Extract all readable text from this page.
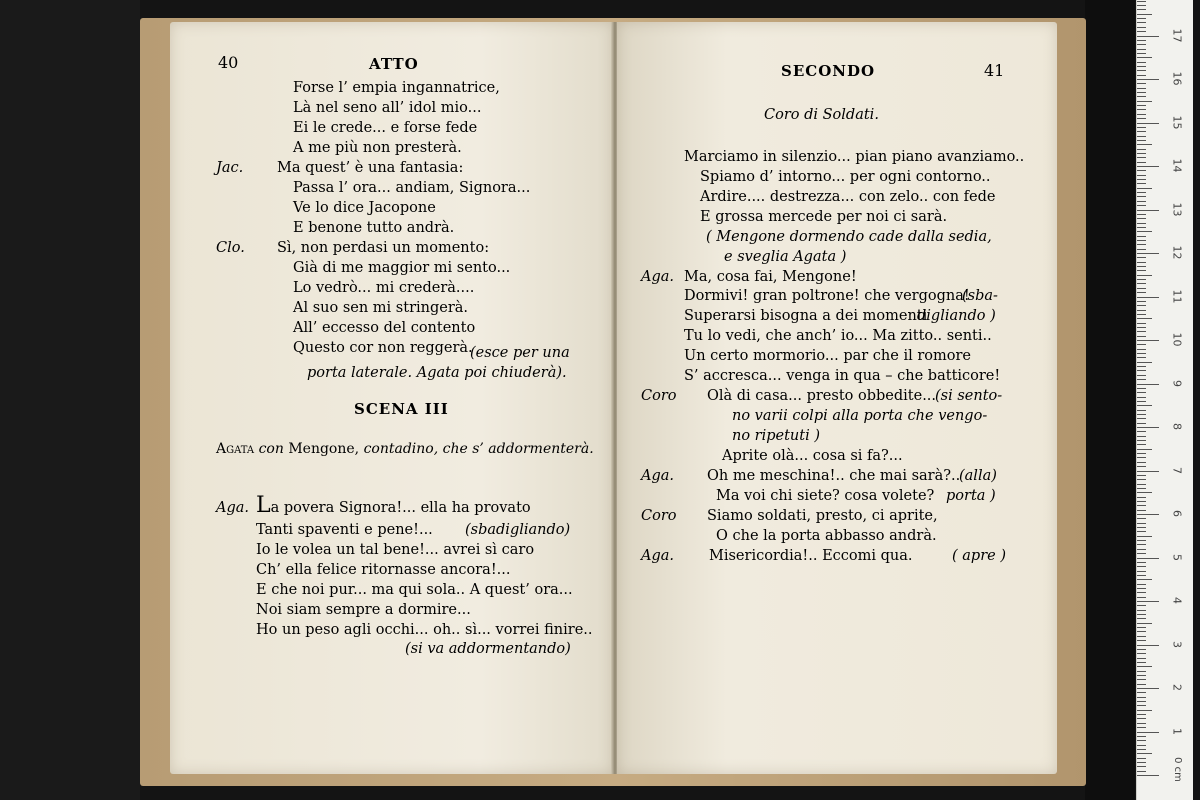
40	ATTO
Forse l’ empia ingannatrice,
Là nel seno all’ idol mio...
Ei le crede... e forse fede
A me più non presterà.
Jac. Ma quest’ è una fantasia:
Passa l’ ora... andiam, Signora...
Ve lo dice Jacopone
E benone tutto andrà.
Clo. Sì, non perdasi un momento:
Già di me maggior mi sento...
Lo vedrò... mi crederà....
Al suo sen mi stringerà.
All’ eccesso del contento
Questo cor non reggerà.
(esce per una
porta laterale. Agata poi chiuderà).
SCENA III
Agata con Mengone, contadino, che s’ addormenterà.
Aga. La povera Signora!... ella ha provato
Tanti spaventi e pene!...
Io le volea un tal bene!... avrei sì caro
Ch’ ella felice ritornasse ancora!...
E che noi pur... ma qui sola.. A quest’ ora...
Noi siam sempre a dormire...
Ho un peso agli occhi... oh.. sì... vorrei finire..
(sbadigliando)
(si va addormentando)
SECONDO	41
Coro di Soldati.
Marciamo in silenzio... pian piano avanziamo..
Spiamo d’ intorno... per ogni contorno..
Ardire.... destrezza... con zelo.. con fede
E grossa mercede per noi ci sarà.
( Mengone dormendo cade dalla sedia,
e sveglia Agata )
Aga. Ma, cosa fai, Mengone!
Dormivi! gran poltrone! che vergogna!
Superarsi bisogna a dei momenti
Tu lo vedi, che anch’ io... Ma zitto.. senti..
Un certo mormorio... par che il romore
S’ accresca... venga in qua – che batticore!
(sba-
digliando )
Coro Olà di casa... presto obbedite...
(si sento-
no varii colpi alla porta che vengo-
no ripetuti )
Aprite olà... cosa si fa?...
Aga. Oh me meschina!.. che mai sarà?..
(alla)
Ma voi chi siete? cosa volete? porta )
Coro Siamo soldati, presto, ci aprite,
O che la porta abbasso andrà.
Aga. Misericordia!.. Eccomi qua.	( apre )
0 cm
17
16
15
14
13
12
11
10
9
8
7
6
5
4
3
2
1
